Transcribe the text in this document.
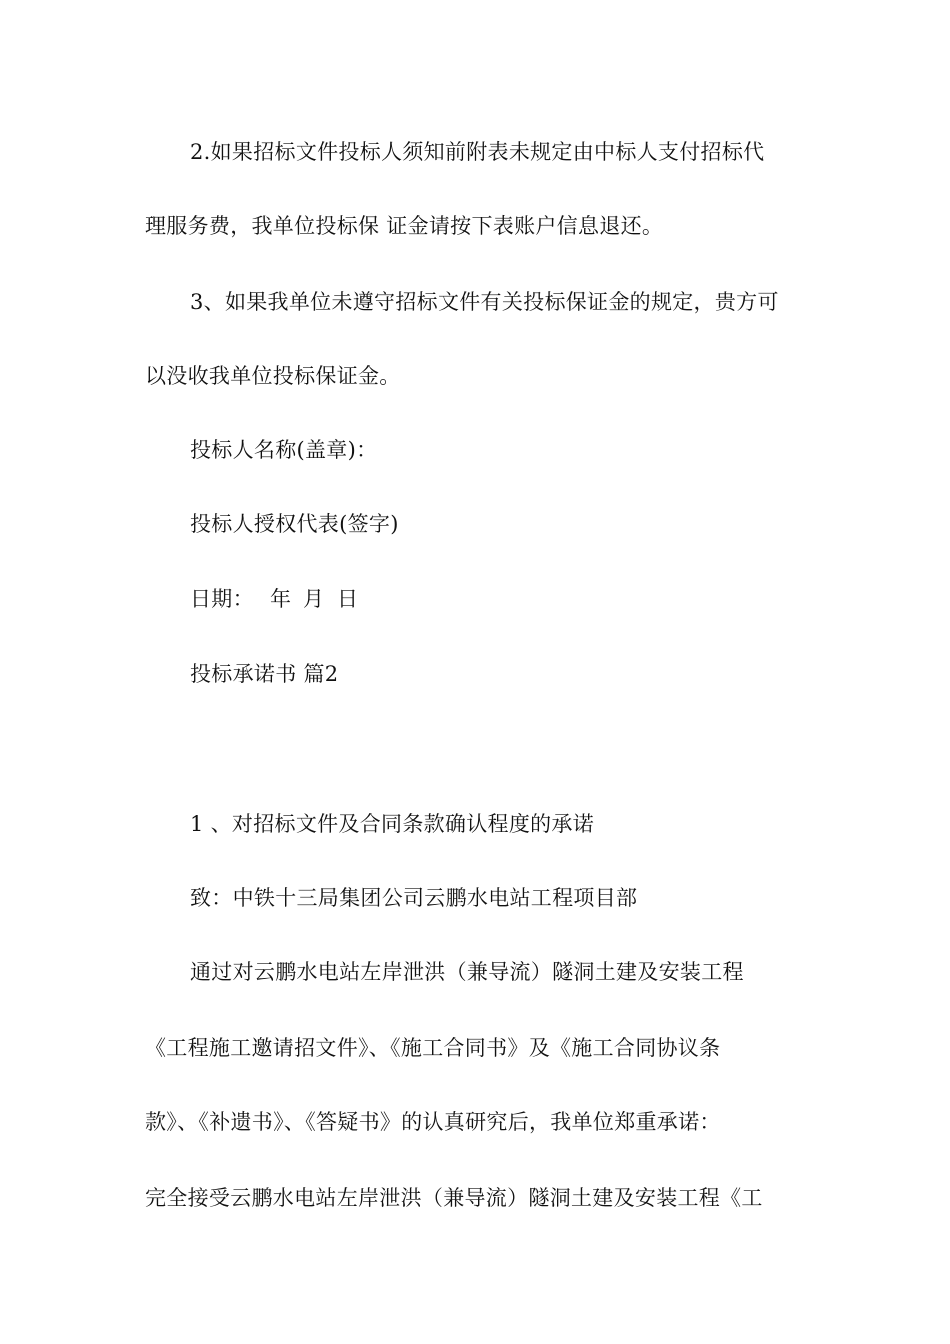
2.如果招标文件投标人须知前附表未规定由中标人支付招标代
理服务费，我单位投标保 证金请按下表账户信息退还。
3、如果我单位未遵守招标文件有关投标保证金的规定，贵方可
以没收我单位投标保证金。
投标人名称(盖章)：
投标人授权代表(签字)
日期： 年 月 日
投标承诺书 篇2
1 、对招标文件及合同条款确认程度的承诺
致：中铁十三局集团公司云鹏水电站工程项目部
通过对云鹏水电站左岸泄洪（兼导流）隧洞土建及安装工程
《工程施工邀请招文件》、《施工合同书》及《施工合同协议条
款》、《补遗书》、《答疑书》的认真研究后，我单位郑重承诺：
完全接受云鹏水电站左岸泄洪（兼导流）隧洞土建及安装工程《工
